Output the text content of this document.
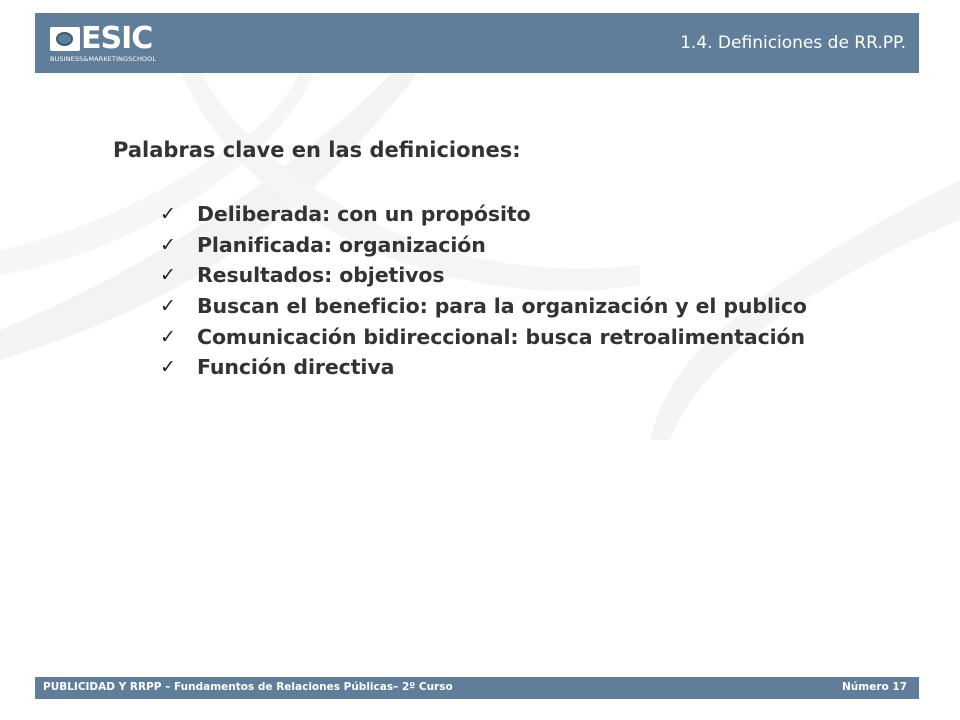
ESIC
BUSINESS&MARKETINGSCHOOL
1.4. Definiciones de RR.PP.
Palabras clave en las definiciones:
✓	Deliberada: con un propósito
✓	Planificada: organización
✓	Resultados: objetivos
✓	Buscan el beneficio: para la organización y el publico
✓	Comunicación bidireccional: busca retroalimentación
✓	Función directiva
PUBLICIDAD Y RRPP – Fundamentos de Relaciones Públicas– 2º Curso	Número 17
